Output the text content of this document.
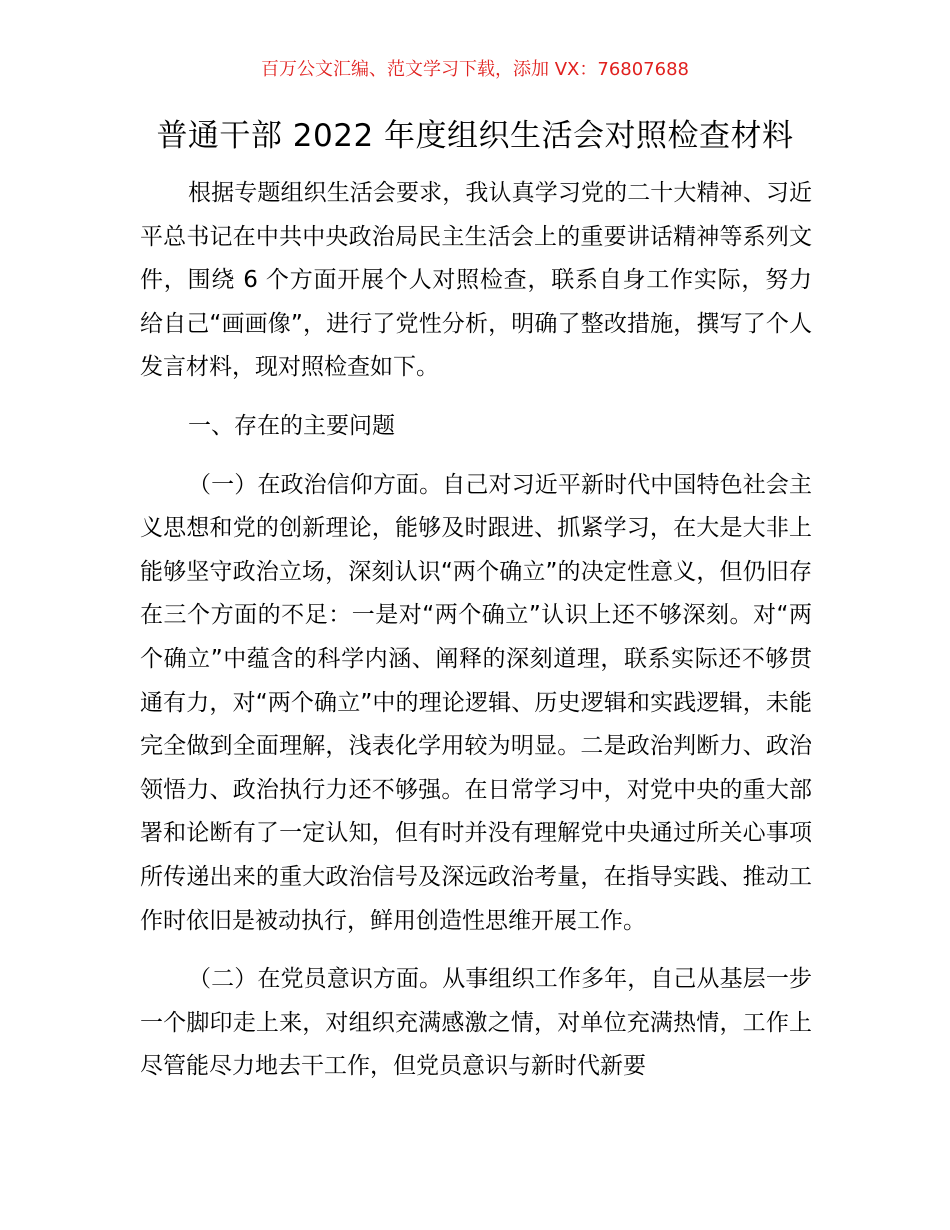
百万公文汇编、范文学习下载，添加 VX：76807688
普通干部 2022 年度组织生活会对照检查材料

根据专题组织生活会要求，我认真学习党的二十大精神、习近平总书记在中共中央政治局民主生活会上的重要讲话精神等系列文件，围绕 6 个方面开展个人对照检查，联系自身工作实际，努力给自己“画画像”，进行了党性分析，明确了整改措施，撰写了个人发言材料，现对照检查如下。

一、存在的主要问题

（一）在政治信仰方面。自己对习近平新时代中国特色社会主义思想和党的创新理论，能够及时跟进、抓紧学习，在大是大非上能够坚守政治立场，深刻认识“两个确立”的决定性意义，但仍旧存在三个方面的不足：一是对“两个确立”认识上还不够深刻。对“两个确立”中蕴含的科学内涵、阐释的深刻道理，联系实际还不够贯通有力，对“两个确立”中的理论逻辑、历史逻辑和实践逻辑，未能完全做到全面理解，浅表化学用较为明显。二是政治判断力、政治领悟力、政治执行力还不够强。在日常学习中，对党中央的重大部署和论断有了一定认知，但有时并没有理解党中央通过所关心事项所传递出来的重大政治信号及深远政治考量，在指导实践、推动工作时依旧是被动执行，鲜用创造性思维开展工作。

（二）在党员意识方面。从事组织工作多年，自己从基层一步一个脚印走上来，对组织充满感激之情，对单位充满热情，工作上尽管能尽力地去干工作，但党员意识与新时代新要
